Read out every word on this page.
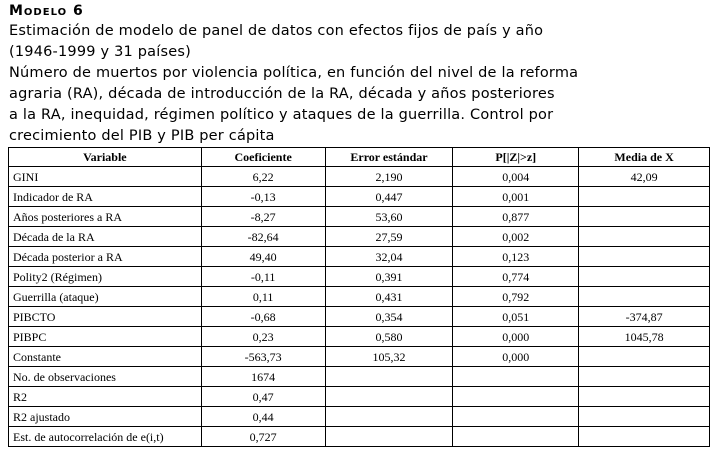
Modelo 6
Estimación de modelo de panel de datos con efectos fijos de país y año
(1946-1999 y 31 países)
Número de muertos por violencia política, en función del nivel de la reforma
agraria (RA), década de introducción de la RA, década y años posteriores
a la RA, inequidad, régimen político y ataques de la guerrilla. Control por
crecimiento del PIB y PIB per cápita
Variable	Coeficiente	Error estándar	P[|Z|>z]	Media de X
GINI	6,22	2,190	0,004	42,09
Indicador de RA	-0,13	0,447	0,001	
Años posteriores a RA	-8,27	53,60	0,877	
Década de la RA	-82,64	27,59	0,002	
Década posterior a RA	49,40	32,04	0,123	
Polity2 (Régimen)	-0,11	0,391	0,774	
Guerrilla (ataque)	0,11	0,431	0,792	
PIBCTO	-0,68	0,354	0,051	-374,87
PIBPC	0,23	0,580	0,000	1045,78
Constante	-563,73	105,32	0,000	
No. de observaciones	1674			
R2	0,47			
R2 ajustado	0,44			
Est. de autocorrelación de e(i,t)	0,727			
